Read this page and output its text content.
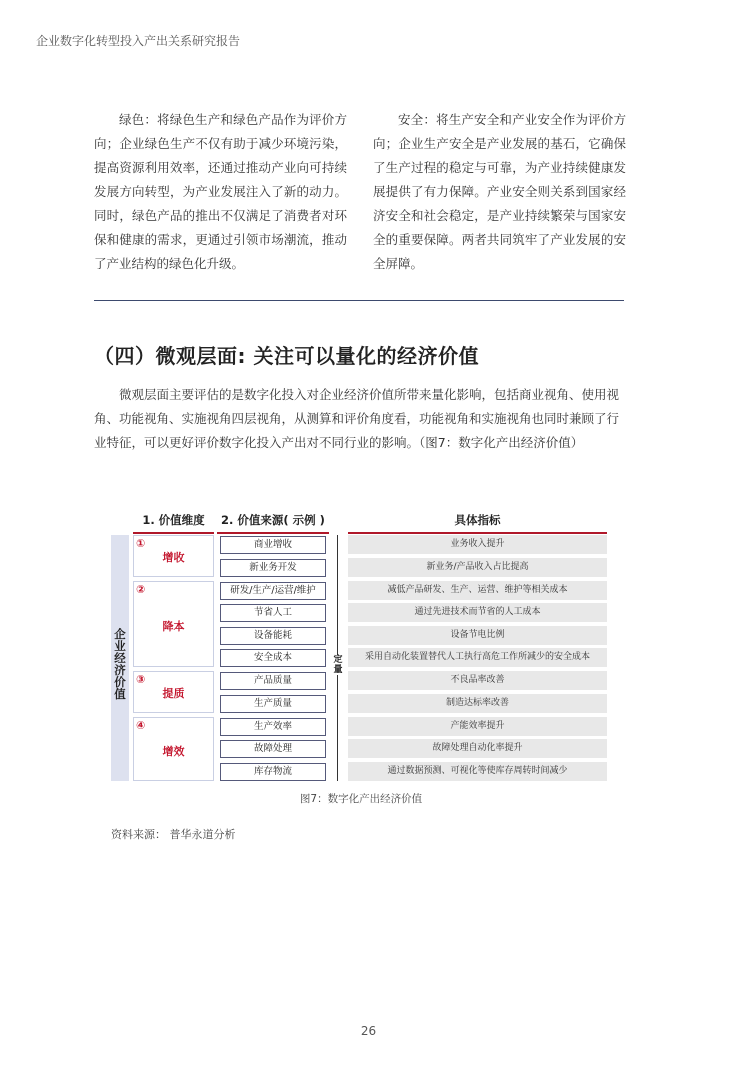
企业数字化转型投入产出关系研究报告

绿色：将绿色生产和绿色产品作为评价方向；企业绿色生产不仅有助于减少环境污染，提高资源利用效率，还通过推动产业向可持续发展方向转型，为产业发展注入了新的动力。同时，绿色产品的推出不仅满足了消费者对环保和健康的需求，更通过引领市场潮流，推动了产业结构的绿色化升级。

安全：将生产安全和产业安全作为评价方向；企业生产安全是产业发展的基石，它确保了生产过程的稳定与可靠，为产业持续健康发展提供了有力保障。产业安全则关系到国家经济安全和社会稳定，是产业持续繁荣与国家安全的重要保障。两者共同筑牢了产业发展的安全屏障。

（四）微观层面: 关注可以量化的经济价值

微观层面主要评估的是数字化投入对企业经济价值所带来量化影响，包括商业视角、使用视角、功能视角、实施视角四层视角，从测算和评价角度看，功能视角和实施视角也同时兼顾了行业特征，可以更好评价数字化投入产出对不同行业的影响。（图7：数字化产出经济价值）

1. 价值维度	2. 价值来源( 示例 )	具体指标
企业经济价值
①
增收
②
降本
③
提质
④
增效
商业增收
新业务开发
研发/生产/运营/维护
节省人工
设备能耗
安全成本
产品质量
生产质量
生产效率
故障处理
库存物流
定量
业务收入提升
新业务/产品收入占比提高
减低产品研发、生产、运营、维护等相关成本
通过先进技术而节省的人工成本
设备节电比例
采用自动化装置替代人工执行高危工作所减少的安全成本
不良品率改善
制造达标率改善
产能效率提升
故障处理自动化率提升
通过数据预测、可视化等使库存周转时间减少
图7：数字化产出经济价值
资料来源： 普华永道分析
26
